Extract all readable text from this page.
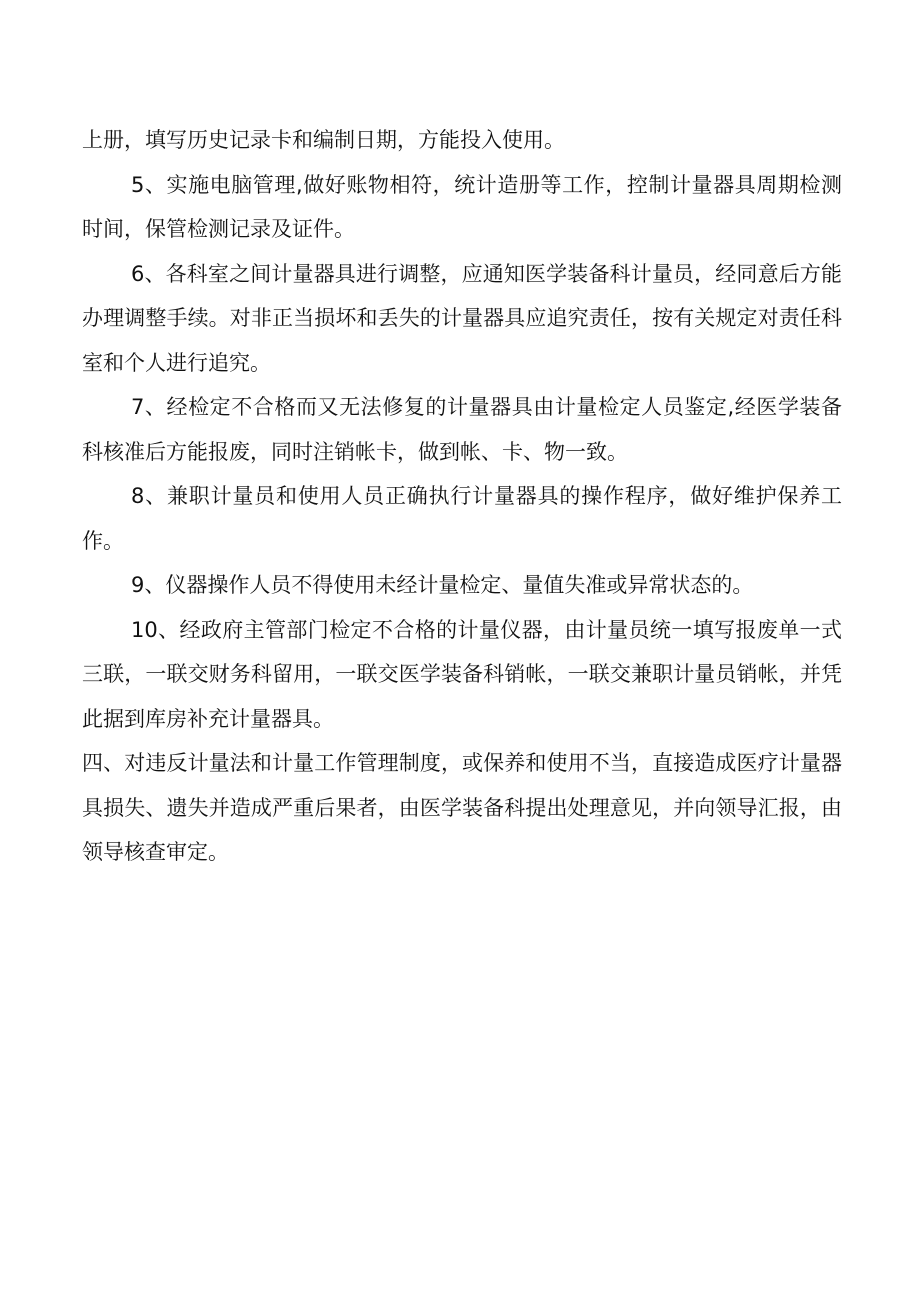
上册，填写历史记录卡和编制日期，方能投入使用。

5、实施电脑管理,做好账物相符，统计造册等工作，控制计量器具周期检测时间，保管检测记录及证件。

6、各科室之间计量器具进行调整，应通知医学装备科计量员，经同意后方能办理调整手续。对非正当损坏和丢失的计量器具应追究责任，按有关规定对责任科室和个人进行追究。

7、经检定不合格而又无法修复的计量器具由计量检定人员鉴定,经医学装备科核准后方能报废，同时注销帐卡，做到帐、卡、物一致。

8、兼职计量员和使用人员正确执行计量器具的操作程序，做好维护保养工作。

9、仪器操作人员不得使用未经计量检定、量值失准或异常状态的。

10、经政府主管部门检定不合格的计量仪器，由计量员统一填写报废单一式三联，一联交财务科留用，一联交医学装备科销帐，一联交兼职计量员销帐，并凭此据到库房补充计量器具。

四、对违反计量法和计量工作管理制度，或保养和使用不当，直接造成医疗计量器具损失、遗失并造成严重后果者，由医学装备科提出处理意见，并向领导汇报，由领导核查审定。
